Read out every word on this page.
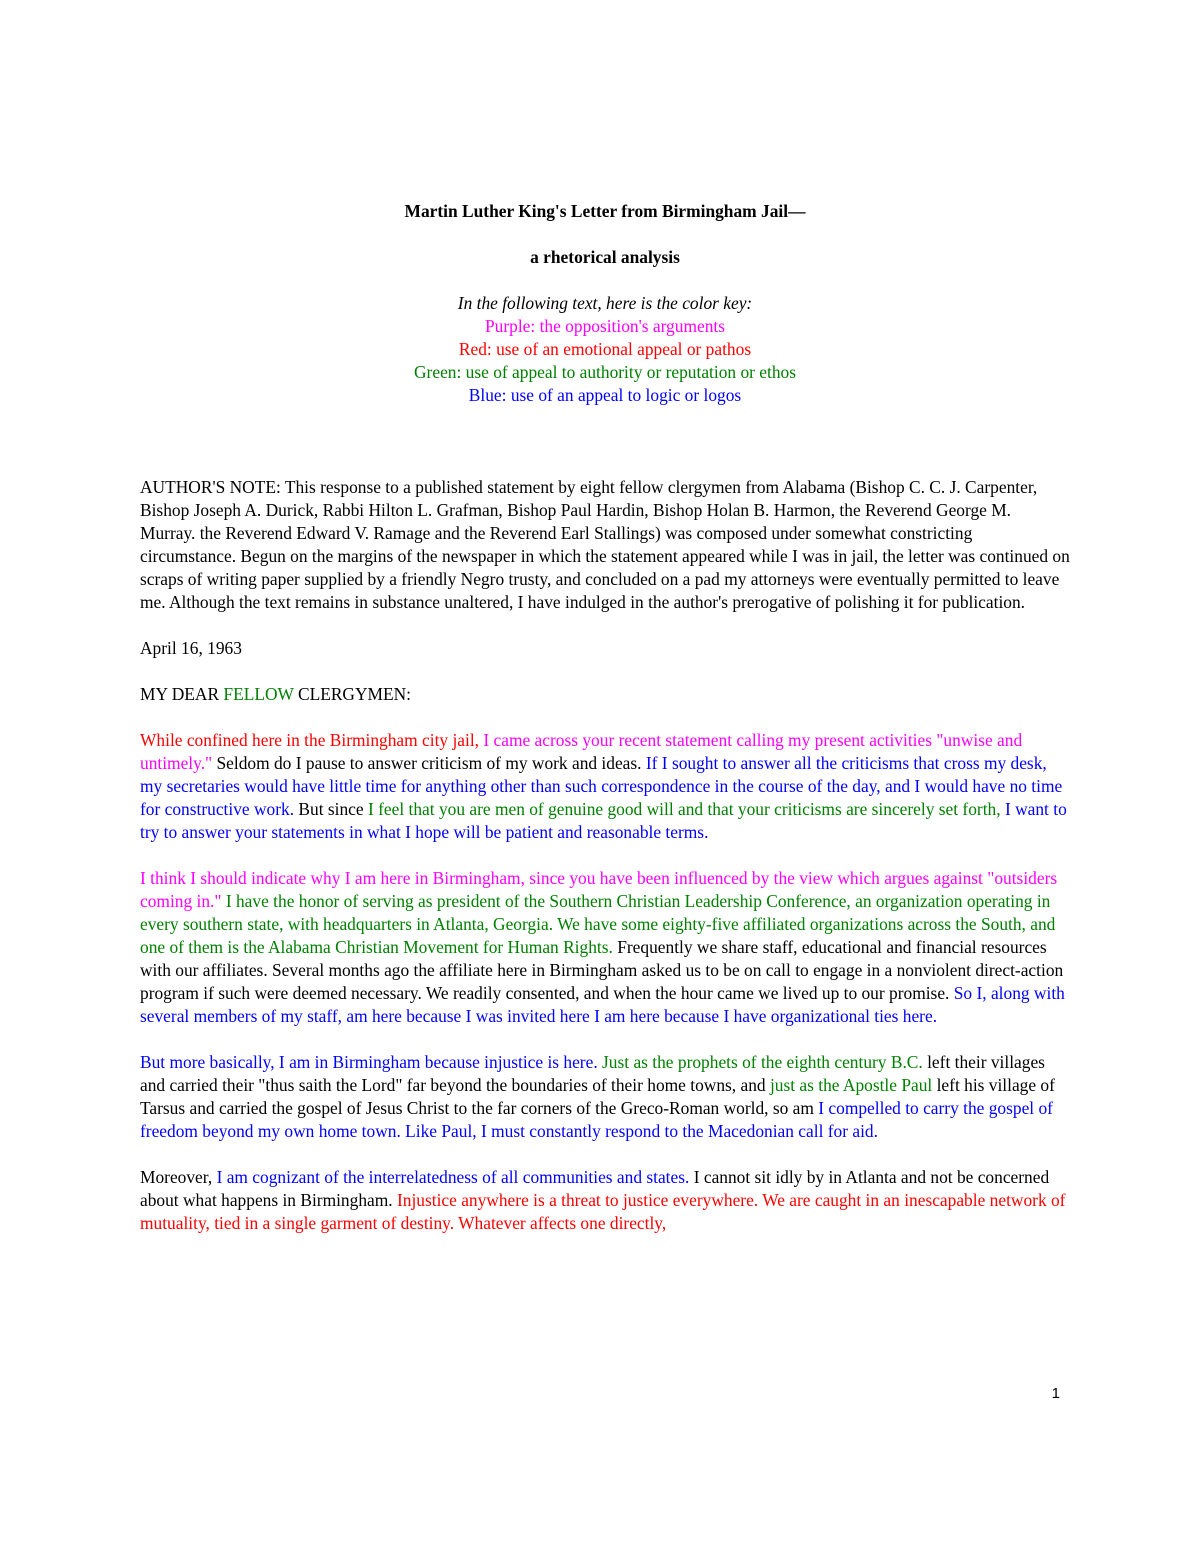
Martin Luther King's Letter from Birmingham Jail—

a rhetorical analysis

In the following text, here is the color key:

Purple: the opposition's arguments

Red: use of an emotional appeal or pathos

Green: use of appeal to authority or reputation or ethos

Blue: use of an appeal to logic or logos

AUTHOR'S NOTE: This response to a published statement by eight fellow clergymen from Alabama (Bishop C. C. J. Carpenter, Bishop Joseph A. Durick, Rabbi Hilton L. Grafman, Bishop Paul Hardin, Bishop Holan B. Harmon, the Reverend George M. Murray. the Reverend Edward V. Ramage and the Reverend Earl Stallings) was composed under somewhat constricting circumstance. Begun on the margins of the newspaper in which the statement appeared while I was in jail, the letter was continued on scraps of writing paper supplied by a friendly Negro trusty, and concluded on a pad my attorneys were eventually permitted to leave me. Although the text remains in substance unaltered, I have indulged in the author's prerogative of polishing it for publication.

April 16, 1963

MY DEAR FELLOW CLERGYMEN:

While confined here in the Birmingham city jail, I came across your recent statement calling my present activities "unwise and untimely." Seldom do I pause to answer criticism of my work and ideas. If I sought to answer all the criticisms that cross my desk, my secretaries would have little time for anything other than such correspondence in the course of the day, and I would have no time for constructive work. But since I feel that you are men of genuine good will and that your criticisms are sincerely set forth, I want to try to answer your statements in what I hope will be patient and reasonable terms.

I think I should indicate why I am here in Birmingham, since you have been influenced by the view which argues against "outsiders coming in." I have the honor of serving as president of the Southern Christian Leadership Conference, an organization operating in every southern state, with headquarters in Atlanta, Georgia. We have some eighty-five affiliated organizations across the South, and one of them is the Alabama Christian Movement for Human Rights. Frequently we share staff, educational and financial resources with our affiliates. Several months ago the affiliate here in Birmingham asked us to be on call to engage in a nonviolent direct-action program if such were deemed necessary. We readily consented, and when the hour came we lived up to our promise. So I, along with several members of my staff, am here because I was invited here I am here because I have organizational ties here.

But more basically, I am in Birmingham because injustice is here. Just as the prophets of the eighth century B.C. left their villages and carried their "thus saith the Lord" far beyond the boundaries of their home towns, and just as the Apostle Paul left his village of Tarsus and carried the gospel of Jesus Christ to the far corners of the Greco-Roman world, so am I compelled to carry the gospel of freedom beyond my own home town. Like Paul, I must constantly respond to the Macedonian call for aid.

Moreover, I am cognizant of the interrelatedness of all communities and states. I cannot sit idly by in Atlanta and not be concerned about what happens in Birmingham. Injustice anywhere is a threat to justice everywhere. We are caught in an inescapable network of mutuality, tied in a single garment of destiny. Whatever affects one directly,

1
